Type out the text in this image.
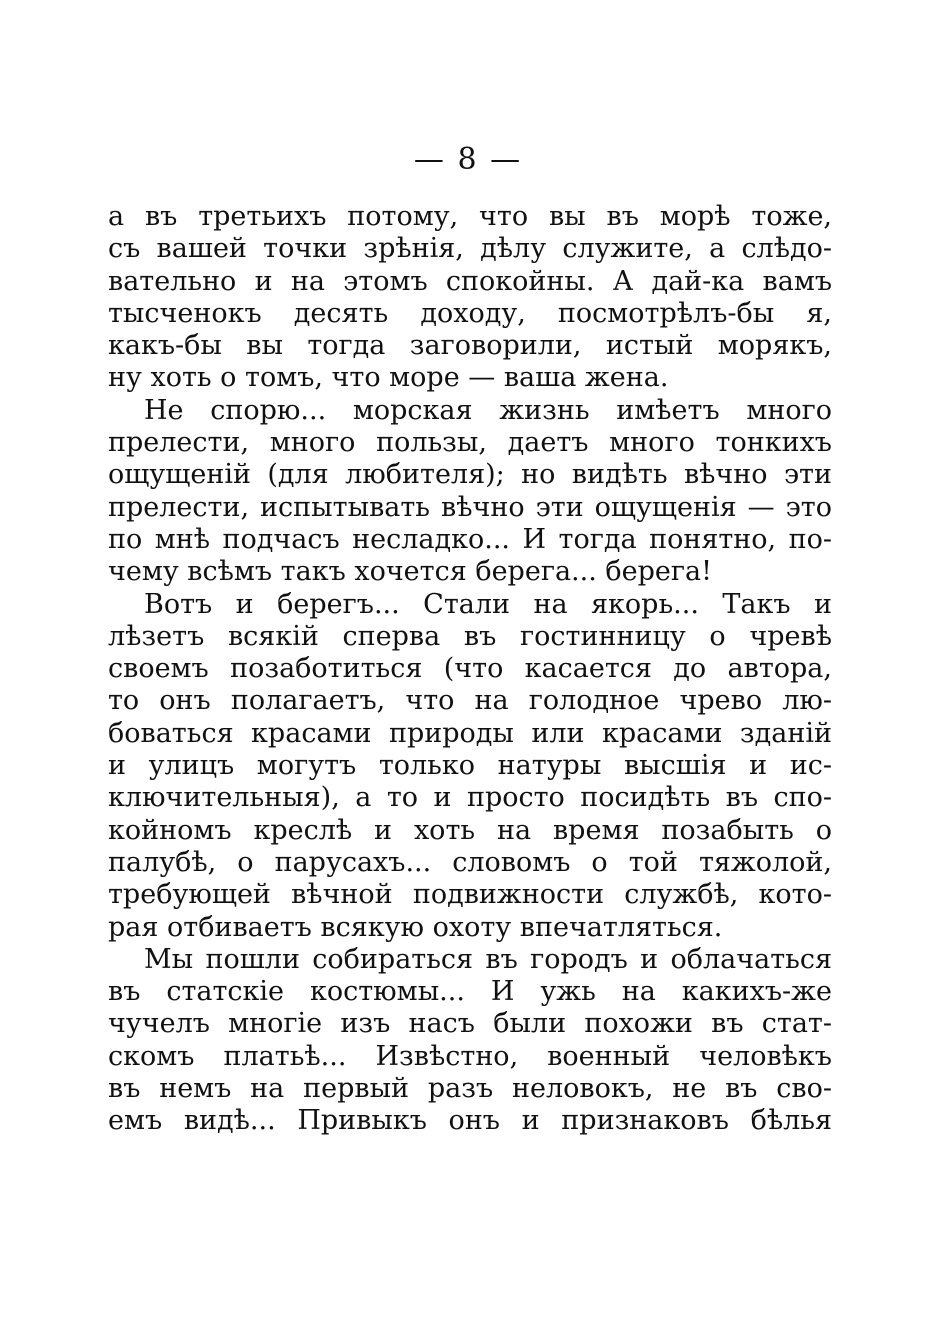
— 8 —
а въ третьихъ потому, что вы въ морѣ тоже,
съ вашей точки зрѣнія, дѣлу служите, а слѣдо-
вательно и на этомъ спокойны. А дай-ка вамъ
тысченокъ десять доходу, посмотрѣлъ-бы я,
какъ-бы вы тогда заговорили, истый морякъ,
ну хоть о томъ, что море — ваша жена.
Не спорю... морская жизнь имѣетъ много
прелести, много пользы, даетъ много тонкихъ
ощущеній (для любителя); но видѣть вѣчно эти
прелести, испытывать вѣчно эти ощущенія — это
по мнѣ подчасъ несладко... И тогда понятно, по-
чему всѣмъ такъ хочется берега... берега!
Вотъ и берегъ... Стали на якорь... Такъ и
лѣзетъ всякій сперва въ гостинницу о чревѣ
своемъ позаботиться (что касается до автора,
то онъ полагаетъ, что на голодное чрево лю-
боваться красами природы или красами зданій
и улицъ могутъ только натуры высшія и ис-
ключительныя), а то и просто посидѣть въ спо-
койномъ креслѣ и хоть на время позабыть о
палубѣ, о парусахъ... словомъ о той тяжолой,
требующей вѣчной подвижности службѣ, кото-
рая отбиваетъ всякую охоту впечатляться.
Мы пошли собираться въ городъ и облачаться
въ статскіе костюмы... И ужь на какихъ-же
чучелъ многіе изъ насъ были похожи въ стат-
скомъ платьѣ... Извѣстно, военный человѣкъ
въ немъ на первый разъ неловокъ, не въ сво-
емъ видѣ... Привыкъ онъ и признаковъ бѣлья
